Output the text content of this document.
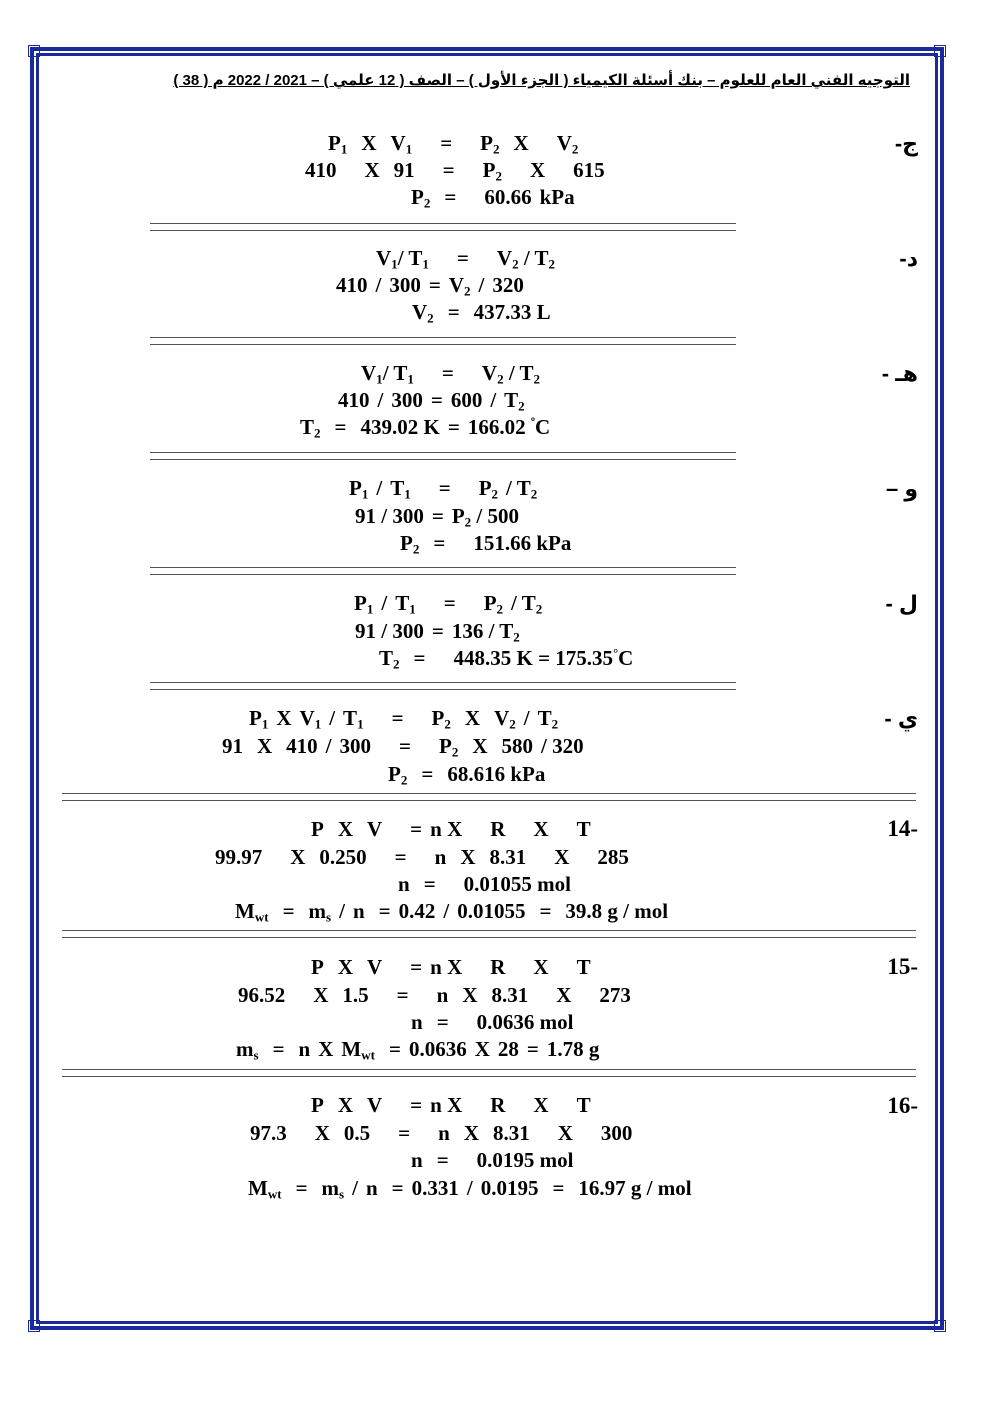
التوجيه الفني العام للعلوم – بنك أسئلة الكيمياء ( الجزء الأول ) – الصف ( 12 علمي ) – 2021 / 2022 م ( 38 )
ج-
$P_1$ X $V_1 = P_2$ X $V_2$
410 X $91 = P_2$ X 615
$P_2 = 60.66$ kPa
د-
$V_1/$ $T_1 = V_2 / T_2$
$410 / 300 = V_2 / 320$
$V_2 = 437.33$ L
هـ -
$V_1/$ $T_1 = V_2 / T_2$
$410 / 300 = 600 / T_2$
$T_2 = 439.02$ K = 166.02 $^º$C
و –
$P_1 / T_1 = P_2 / T_2$
$91 / 300 = P_2 / 500$
$P_2 = 151.66$ kPa
ل -
$P_1 / T_1 = P_2 / T_2$
$91 / 300 = 136 / T_2$
$T_2 = 448.35$ K = 175.35°C
ي -
$P_1$ X $V_1 / T_1 = P_2$ X $V_2 / T_2$
91 X $410 / 300 = P_2$ X 580 / 320
$P_2 = 68.616$ kPa
14-
P X V = n X R X T
99.97 X 0.250 = n X 8.31 X 285
n = 0.01055 mol
$M_{wt} = m_s / n = 0.42 / 0.01055 = 39.8$ g / mol
15-
P X V = n X R X T
96.52 X 1.5 = n X 8.31 X 273
n = 0.0636 mol
$m_s = n$ X $M_{wt} = 0.0636$ X 28 = 1.78 g
16-
P X V = n X R X T
97.3 X 0.5 = n X 8.31 X 300
n = 0.0195 mol
$M_{wt} = m_s / n = 0.331 / 0.0195 = 16.97$ g / mol
